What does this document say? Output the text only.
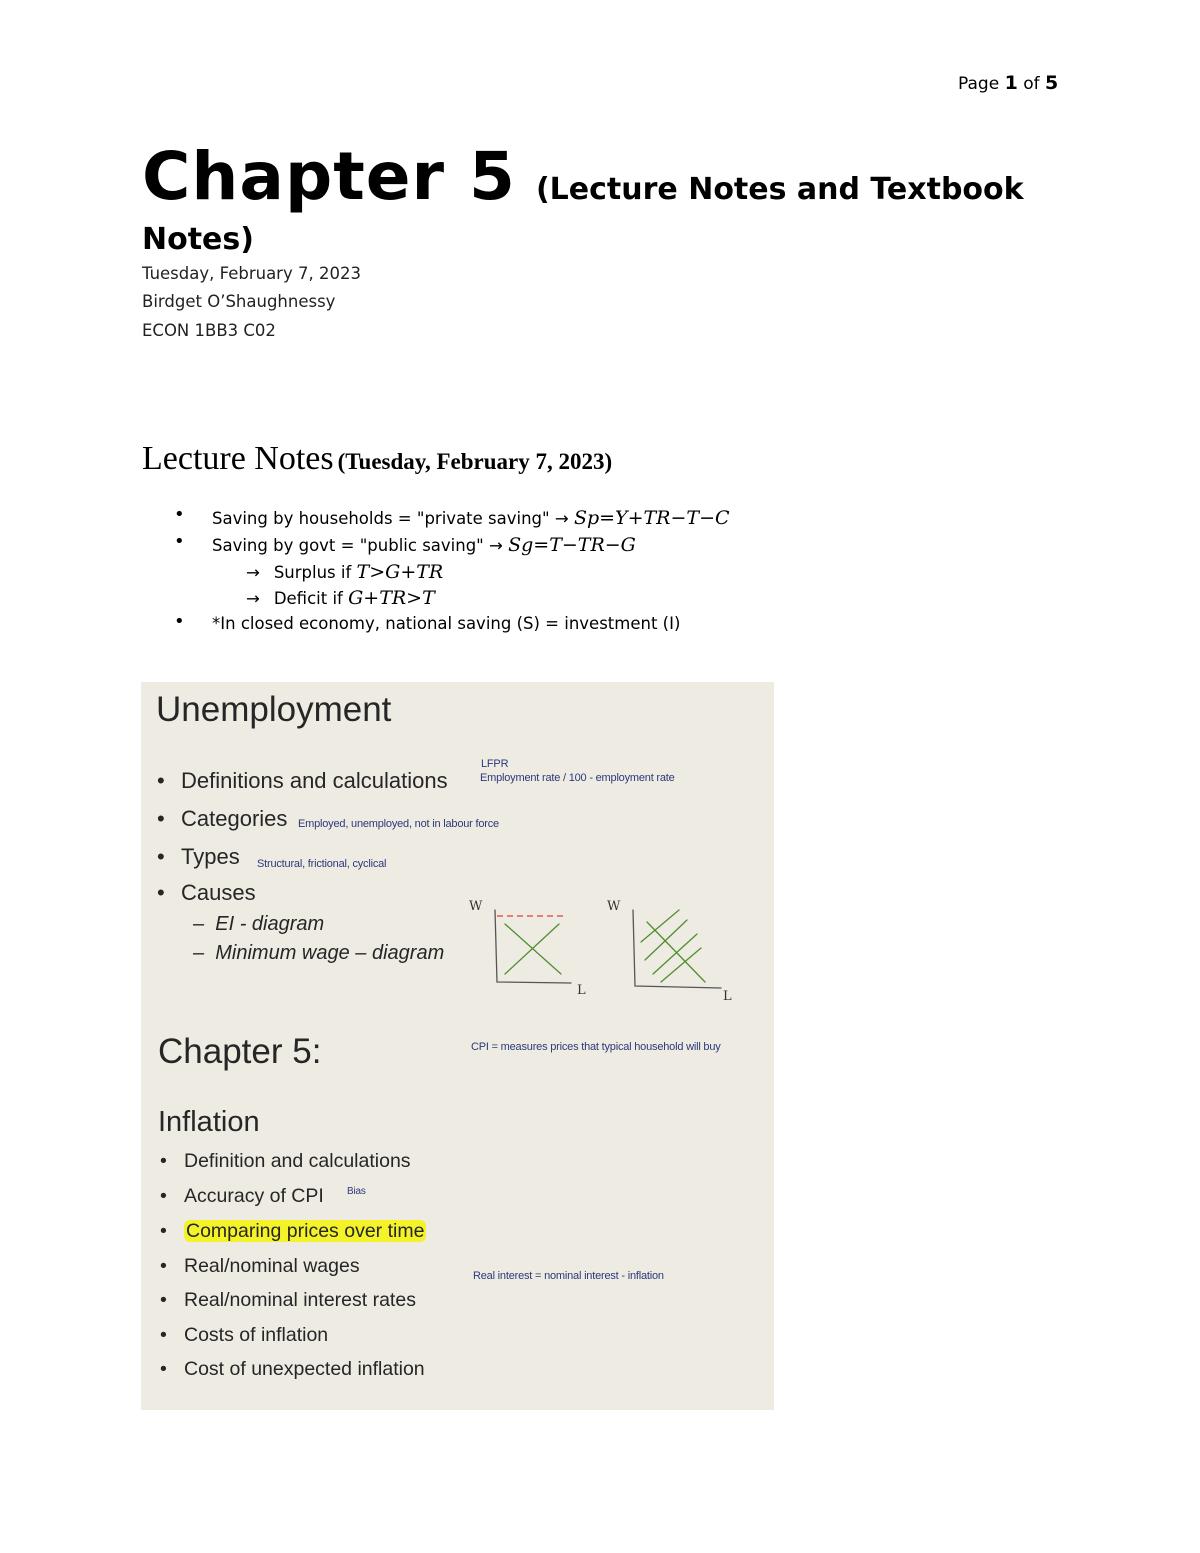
Page 1 of 5
Chapter 5 (Lecture Notes and Textbook
Notes)
Tuesday, February 7, 2023
Birdget O’Shaughnessy
ECON 1BB3 C02
Lecture Notes (Tuesday, February 7, 2023)
• Saving by households = "private saving" → Sp=Y+TR−T−C
• Saving by govt = "public saving" → Sg=T−TR−G
→ Surplus if T>G+TR
→ Deficit if G+TR>T
• *In closed economy, national saving (S) = investment (I)
Unemployment
• Definitions and calculations
• Categories
• Types
• Causes
–  EI - diagram
–  Minimum wage – diagram
LFPR
Employment rate / 100 - employment rate
Employed, unemployed, not in labour force
Structural, frictional, cyclical
W	W
L	L
Chapter 5:	CPI = measures prices that typical household will buy
Inflation
• Definition and calculations
• Accuracy of CPI Bias
• Comparing prices over time
• Real/nominal wages	Real interest = nominal interest - inflation
• Real/nominal interest rates
• Costs of inflation
• Cost of unexpected inflation
